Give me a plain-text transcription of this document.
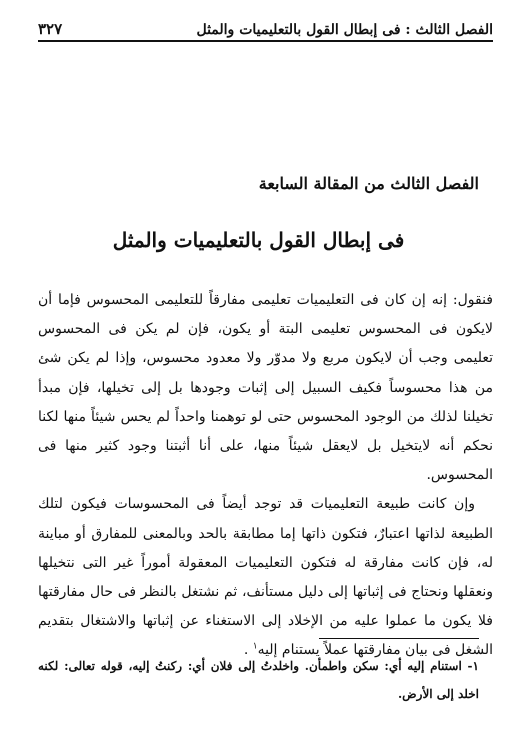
الفصل الثالث : فى إبطال القول بالتعليميات والمثل
٣٢٧
الفصل الثالث من المقالة السابعة
فى إبطال القول بالتعليميات والمثل

فنقول: إنه إن كان فى التعليميات تعليمى مفارقاً للتعليمى المحسوس فإما أن لايكون فى المحسوس تعليمى البتة أو يكون، فإن لم يكن فى المحسوس تعليمى وجب أن لايكون مربع ولا مدوّر ولا معدود محسوس، وإذا لم يكن شئ من هذا محسوساً فكيف السبيل إلى إثبات وجودها بل إلى تخيلها، فإن مبدأ تخيلنا لذلك من الوجود المحسوس حتى لو توهمنا واحداً لم يحس شيئاً منها لكنا نحكم أنه لايتخيل بل لايعقل شيئاً منها، على أنا أثبتنا وجود كثير منها فى المحسوس.

وإن كانت طبيعة التعليميات قد توجد أيضاً فى المحسوسات فيكون لتلك الطبيعة لذاتها اعتبارٌ، فتكون ذاتها إما مطابقة بالحد وبالمعنى للمفارق أو مباينة له، فإن كانت مفارقة له فتكون التعليميات المعقولة أموراً غير التى نتخيلها ونعقلها ونحتاج فى إثباتها إلى دليل مستأنف، ثم نشتغل بالنظر فى حال مفارقتها فلا يكون ما عملوا عليه من الإخلاد إلى الاستغناء عن إثباتها والاشتغال بتقديم الشغل فى بيان مفارقتها عملاً يستنام إليه$^١$ .

١- استنام إليه أي: سكن واطمأن. واخلدتُ إلى فلان أي: ركنتُ إليه، قوله تعالى: لكنه اخلد إلى الأرض.
